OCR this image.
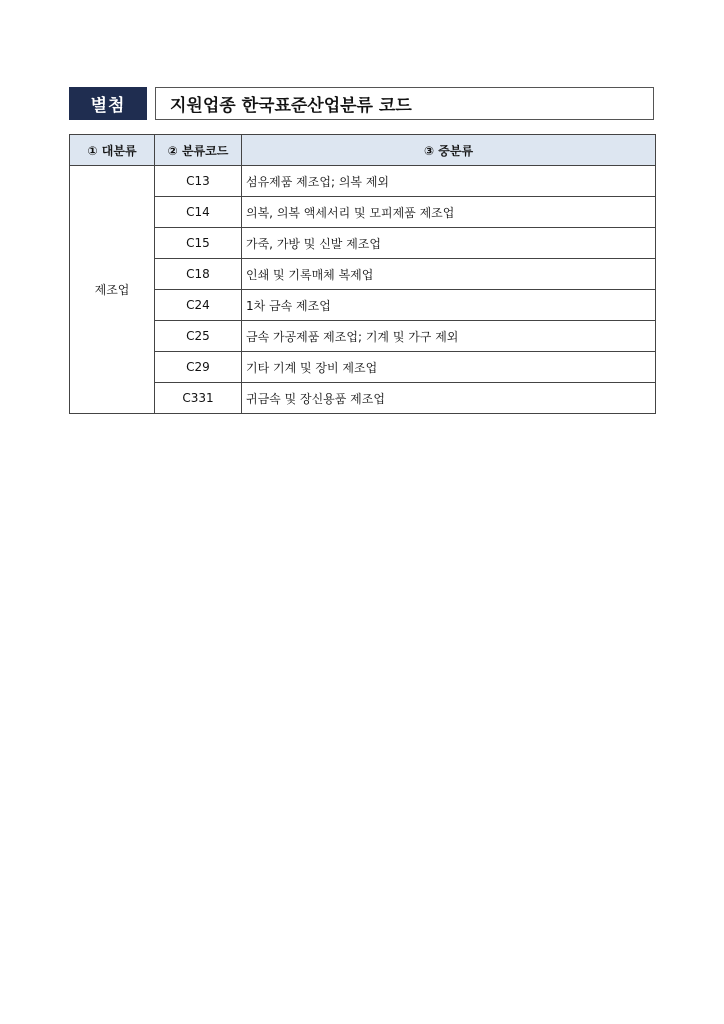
별첨	지원업종 한국표준산업분류 코드
① 대분류	② 분류코드	③ 중분류
제조업	C13	섬유제품 제조업; 의복 제외
	C14	의복, 의복 액세서리 및 모피제품 제조업
	C15	가죽, 가방 및 신발 제조업
	C18	인쇄 및 기록매체 복제업
	C24	1차 금속 제조업
	C25	금속 가공제품 제조업; 기계 및 가구 제외
	C29	기타 기계 및 장비 제조업
	C331	귀금속 및 장신용품 제조업
